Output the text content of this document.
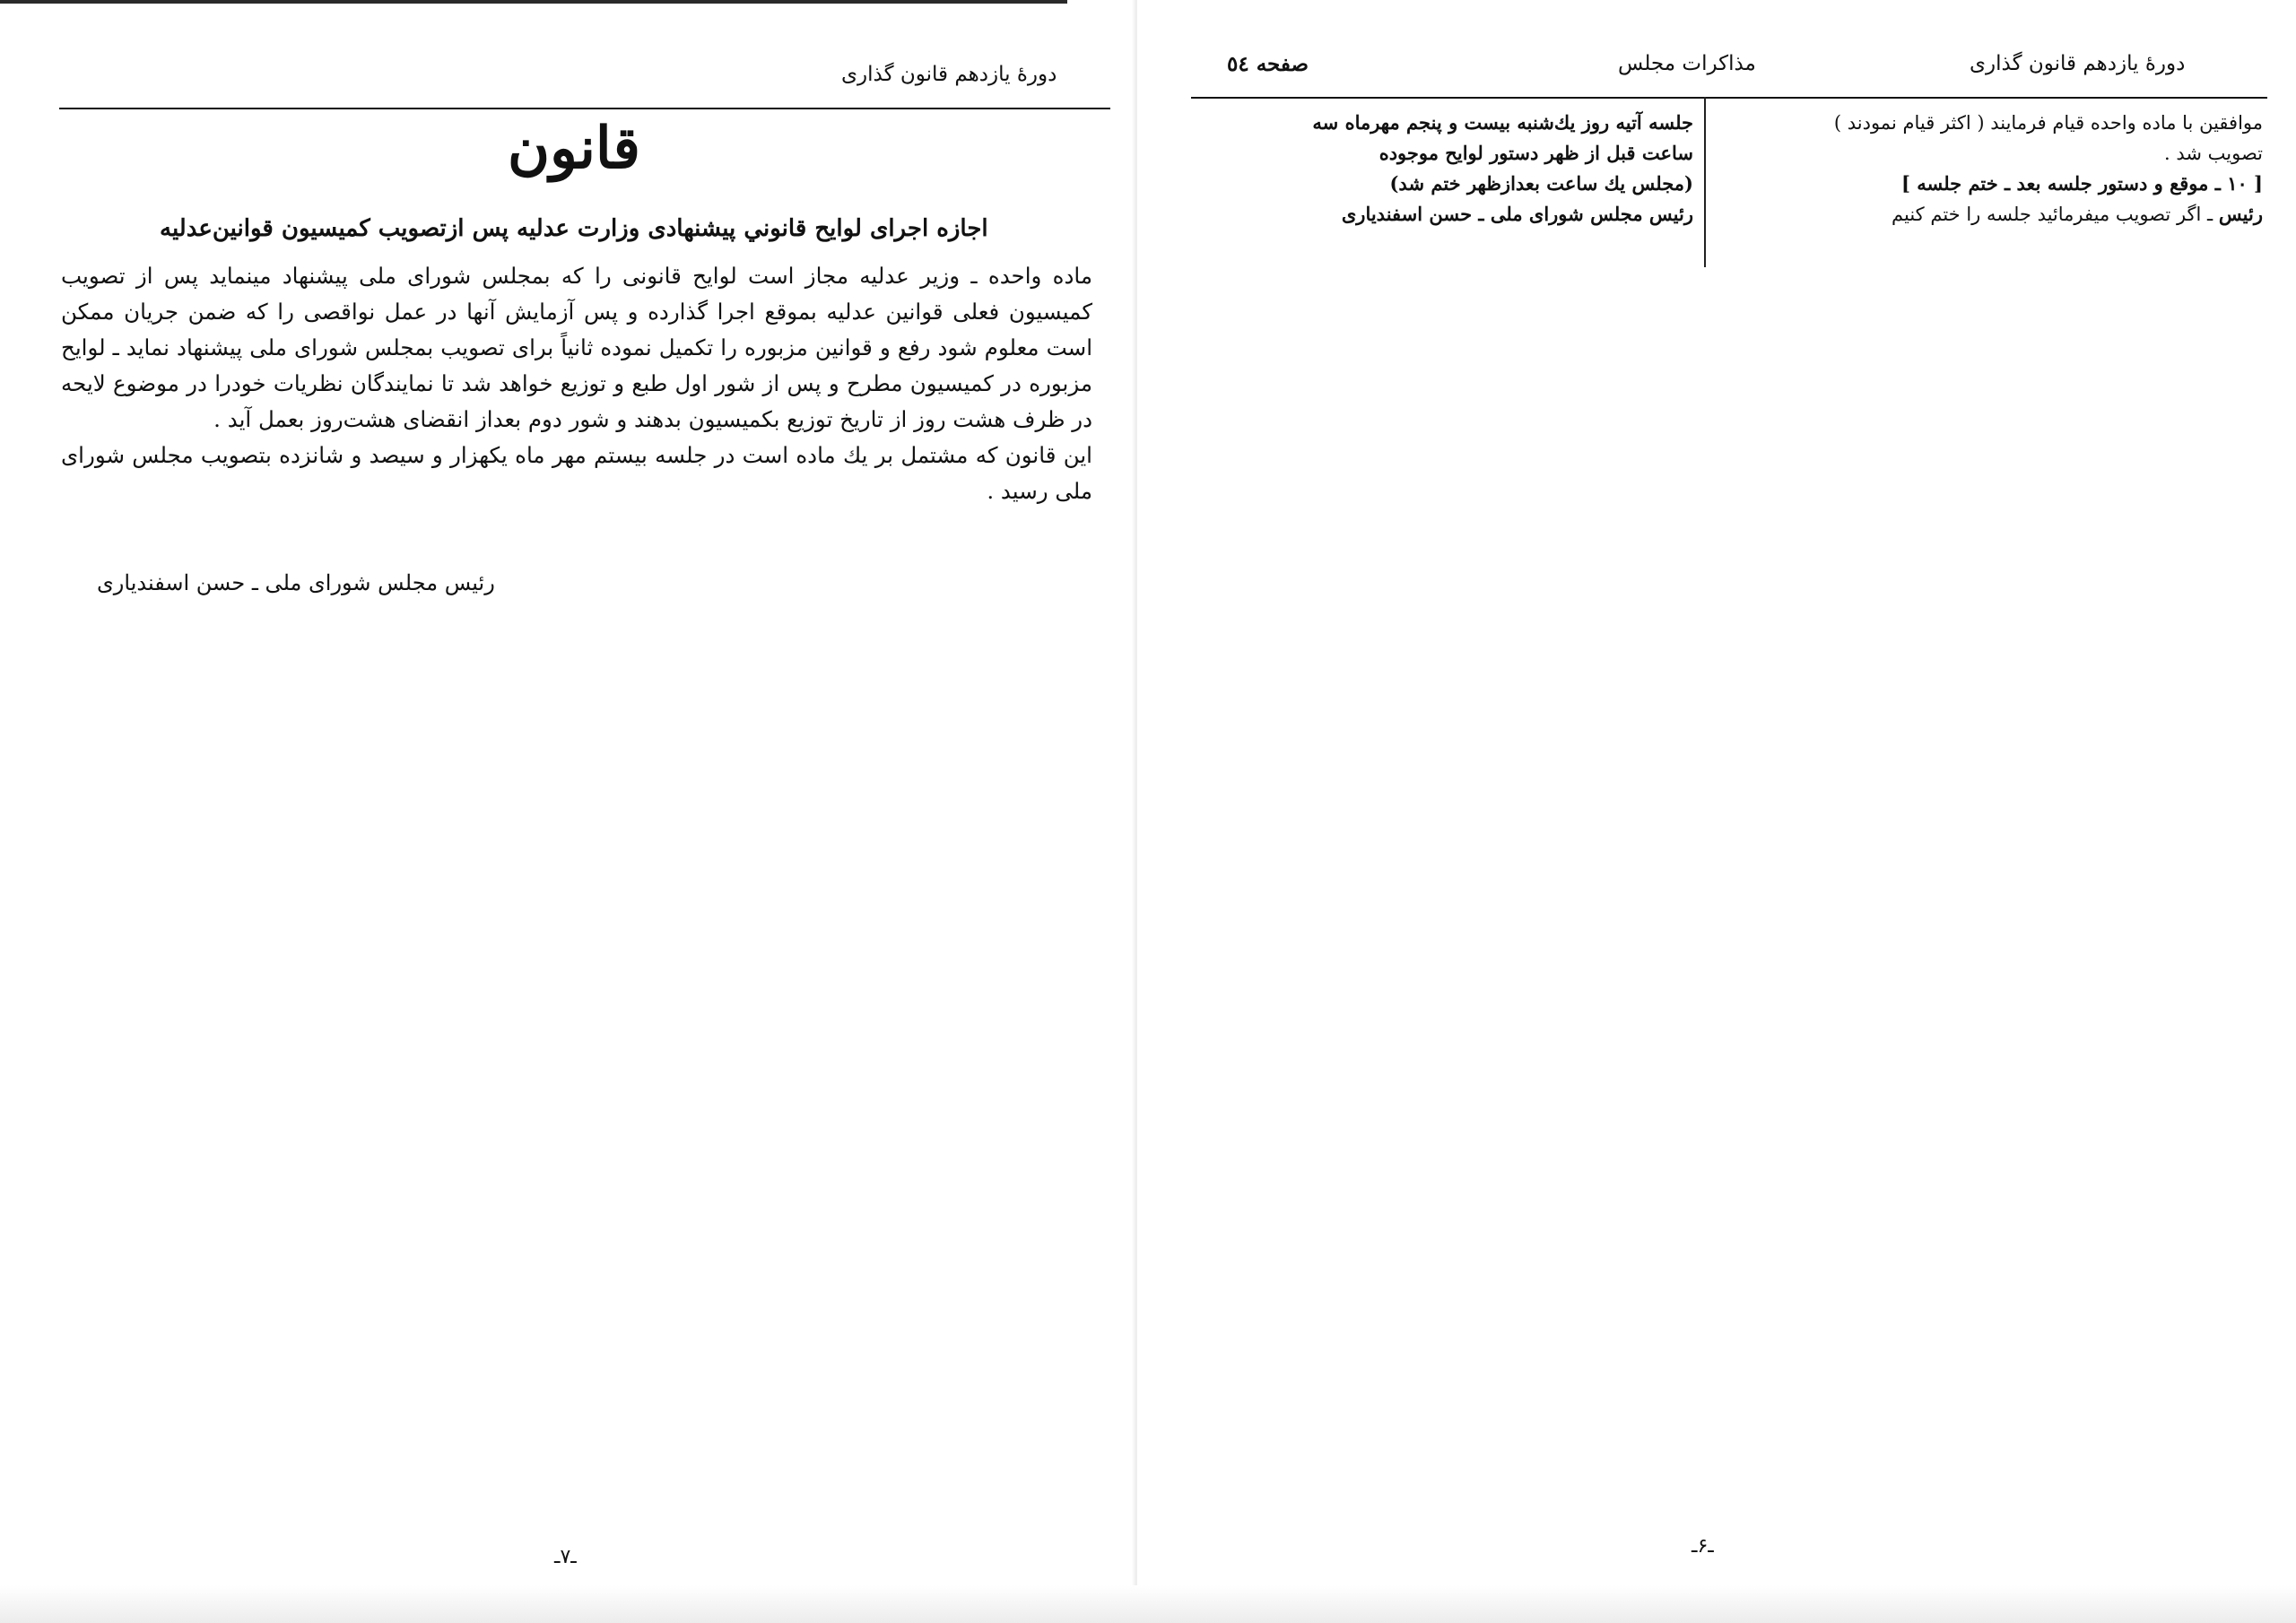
دورهٔ یازدهم قانون گذاری
قانون
اجازه اجرای لوایح قانوني پیشنهادی وزارت عدلیه پس ازتصویب کمیسیون قوانین‌عدلیه

ماده واحده ـ وزیر عدلیه مجاز است لوایح قانونی را که بمجلس شورای ملی پیشنهاد مینماید پس از تصویب کمیسیون فعلی قوانین عدلیه بموقع اجرا گذارده و پس آزمایش آنها در عمل نواقصی را که ضمن جریان ممکن است معلوم شود رفع و قوانین مزبوره را تکمیل نموده ثانیاً برای تصویب بمجلس شورای ملی پیشنهاد نماید ـ لوایح مزبوره در کمیسیون مطرح و پس از شور اول طبع و توزیع خواهد شد تا نمایندگان نظریات خودرا در موضوع لایحه در ظرف هشت روز از تاریخ توزیع بکمیسیون بدهند و شور دوم بعداز انقضای هشت‌روز بعمل آید .

این قانون که مشتمل بر یك ماده است در جلسه بیستم مهر ماه یکهزار و سیصد و شانزده بتصویب مجلس شورای ملی رسید .

رئیس مجلس شورای ملی ـ حسن اسفندیاری
ـ۷ـ
دورهٔ یازدهم قانون گذاری
مذاکرات مجلس
صفحه ٥٤

موافقین با ماده واحده قیام فرمایند ( اکثر قیام نمودند )

تصویب شد .

[ ۱۰ ـ موقع و دستور جلسه بعد ـ ختم جلسه ]

رئیس ـ اگر تصویب میفرمائید جلسه را ختم کنیم

جلسه آتیه روز یك‌شنبه بیست و پنجم مهرماه سه

ساعت قبل از ظهر دستور لوایح موجوده

(مجلس یك ساعت بعدازظهر ختم شد)

رئیس مجلس شورای ملی ـ حسن اسفندیاری

ـ۶ـ
